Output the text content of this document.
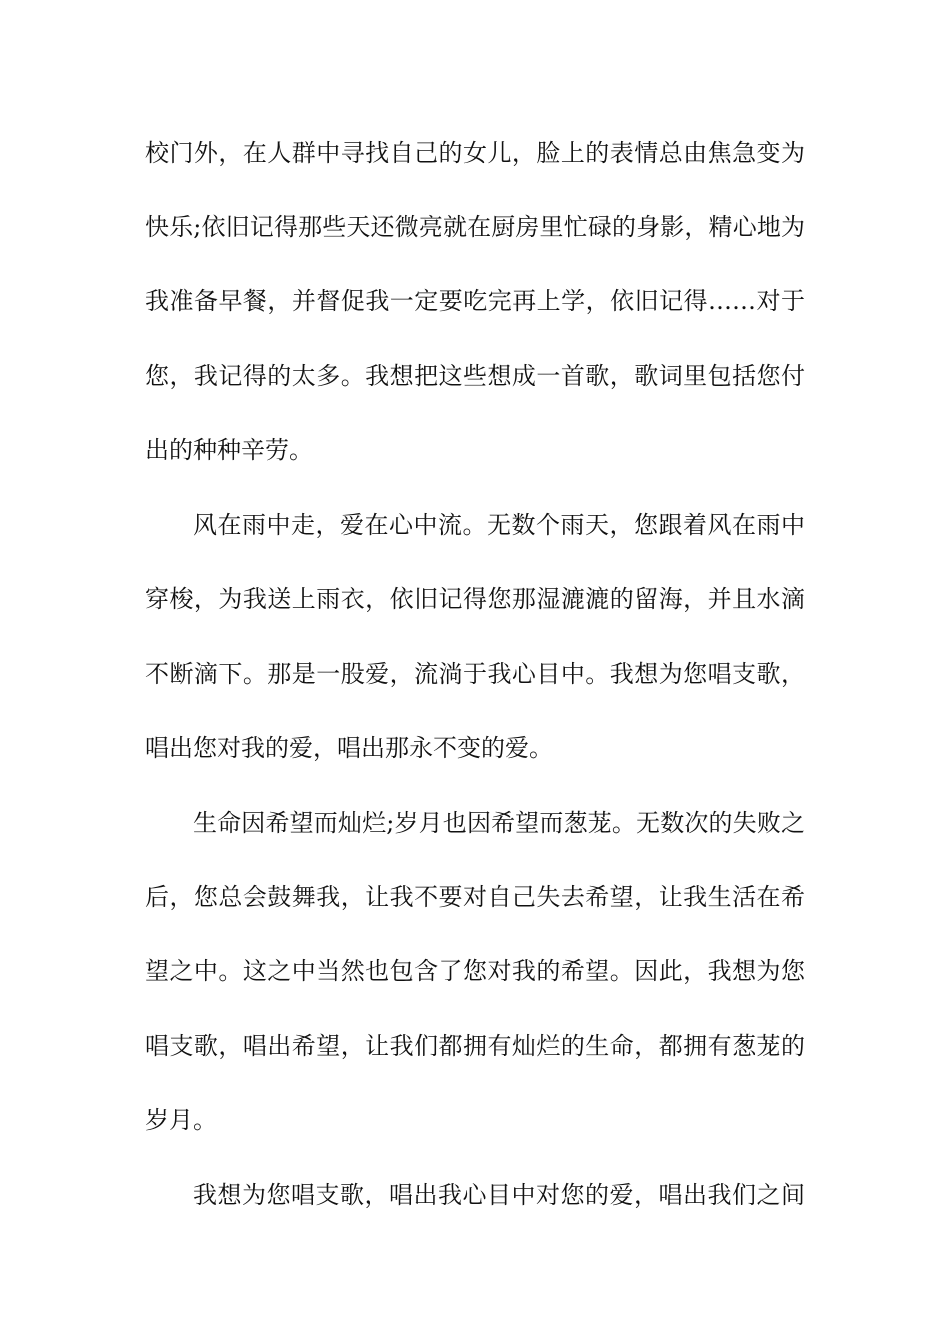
校门外，在人群中寻找自己的女儿，脸上的表情总由焦急变为
快乐;依旧记得那些天还微亮就在厨房里忙碌的身影，精心地为
我准备早餐，并督促我一定要吃完再上学，依旧记得……对于
您，我记得的太多。我想把这些想成一首歌，歌词里包括您付
出的种种辛劳。
风在雨中走，爱在心中流。无数个雨天，您跟着风在雨中
穿梭，为我送上雨衣，依旧记得您那湿漉漉的留海，并且水滴
不断滴下。那是一股爱，流淌于我心目中。我想为您唱支歌，
唱出您对我的爱，唱出那永不变的爱。
生命因希望而灿烂;岁月也因希望而葱茏。无数次的失败之
后，您总会鼓舞我，让我不要对自己失去希望，让我生活在希
望之中。这之中当然也包含了您对我的希望。因此，我想为您
唱支歌，唱出希望，让我们都拥有灿烂的生命，都拥有葱茏的
岁月。
我想为您唱支歌，唱出我心目中对您的爱，唱出我们之间
